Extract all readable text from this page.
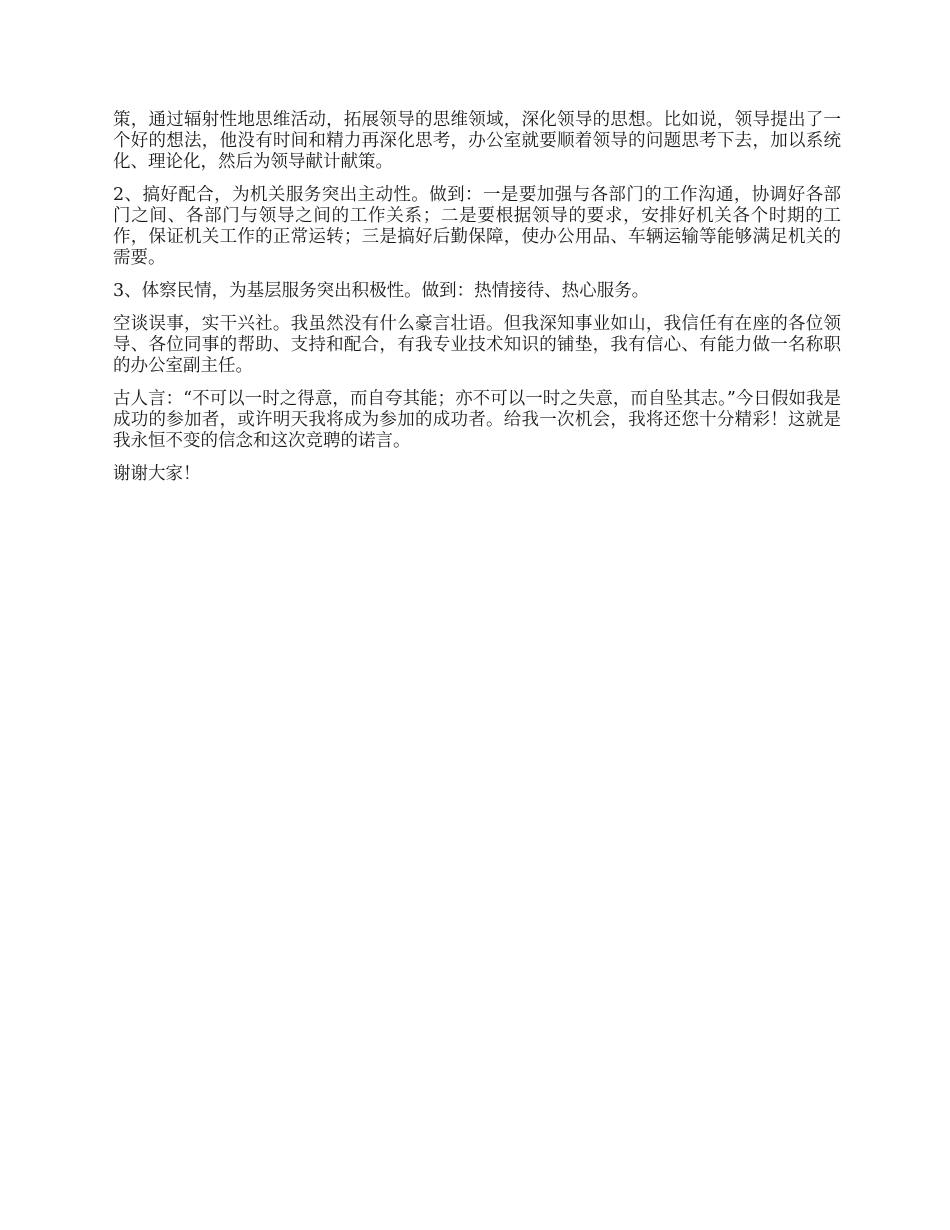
策，通过辐射性地思维活动，拓展领导的思维领域，深化领导的思想。比如说，领导提出了一个好的想法，他没有时间和精力再深化思考，办公室就要顺着领导的问题思考下去，加以系统化、理论化，然后为领导献计献策。

2、搞好配合，为机关服务突出主动性。做到：一是要加强与各部门的工作沟通，协调好各部门之间、各部门与领导之间的工作关系；二是要根据领导的要求，安排好机关各个时期的工作，保证机关工作的正常运转；三是搞好后勤保障，使办公用品、车辆运输等能够满足机关的需要。

3、体察民情，为基层服务突出积极性。做到：热情接待、热心服务。

空谈误事，实干兴社。我虽然没有什么豪言壮语。但我深知事业如山，我信任有在座的各位领导、各位同事的帮助、支持和配合，有我专业技术知识的铺垫，我有信心、有能力做一名称职的办公室副主任。

古人言：“不可以一时之得意，而自夸其能；亦不可以一时之失意，而自坠其志。”今日假如我是成功的参加者，或许明天我将成为参加的成功者。给我一次机会，我将还您十分精彩！这就是我永恒不变的信念和这次竞聘的诺言。

谢谢大家！
